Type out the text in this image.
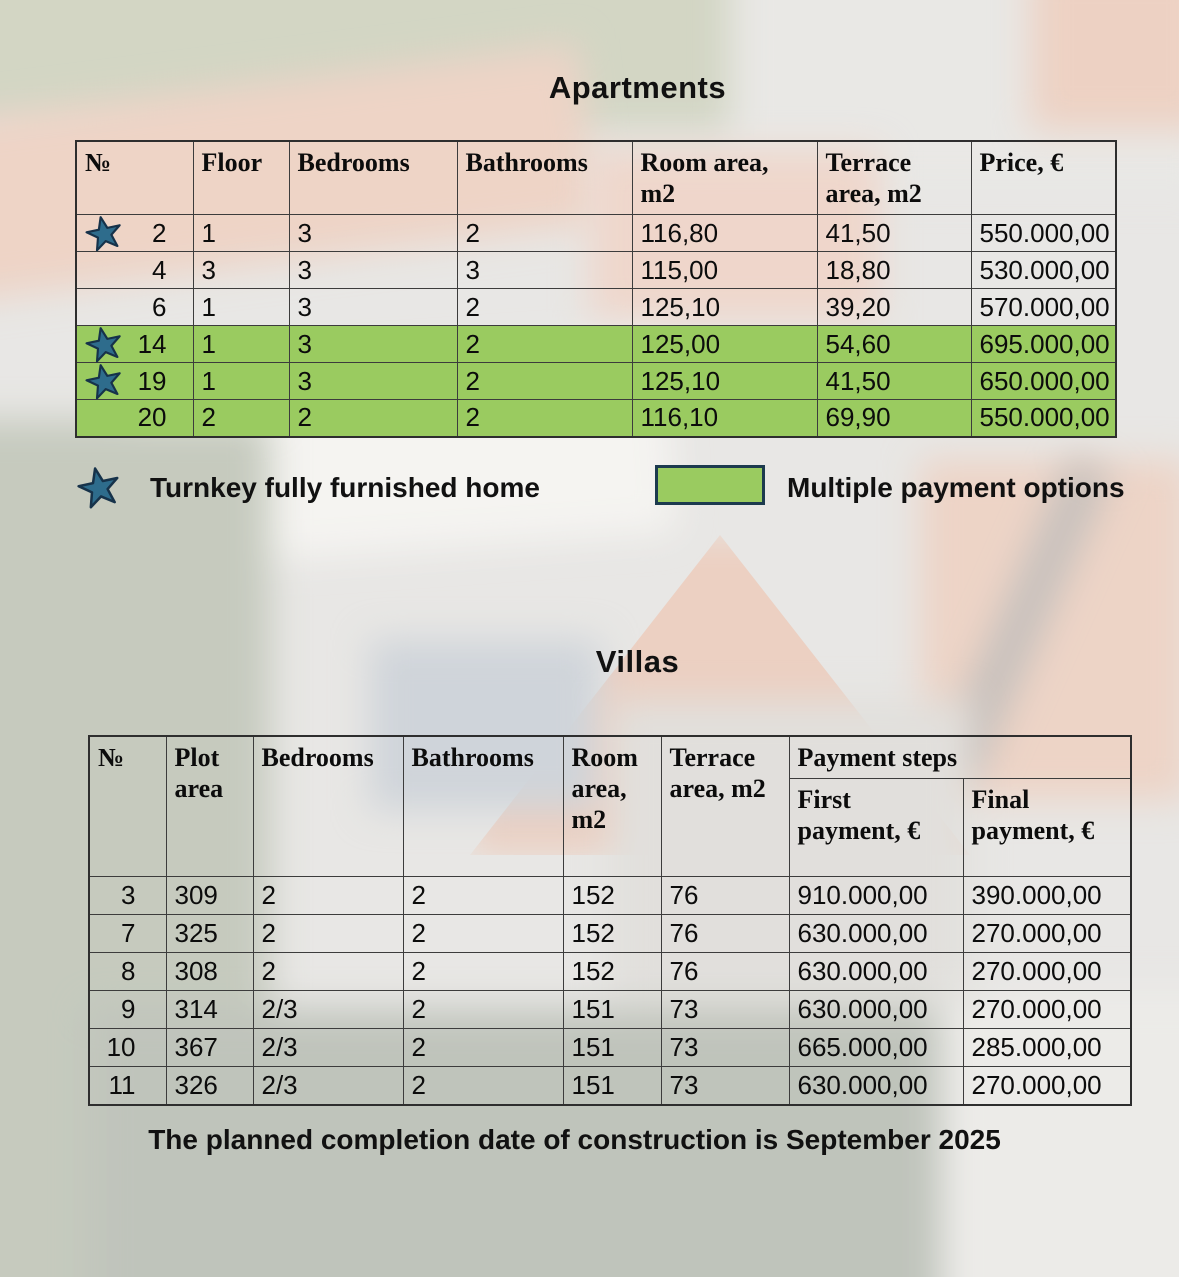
Apartments
№	Floor	Bedrooms	Bathrooms	Room area, m2	Terrace area, m2	Price, €

2	1	3	2	116,80	41,50	550.000,00
4	3	3	3	115,00	18,80	530.000,00
6	1	3	2	125,10	39,20	570.000,00

14	1	3	2	125,00	54,60	695.000,00

19	1	3	2	125,10	41,50	650.000,00
20	2	2	2	116,10	69,90	550.000,00
Turnkey fully furnished home	Multiple payment options
Villas
№	Plot area	Bedrooms	Bathrooms	Room area, m2	Terrace area, m2	Payment steps	
						First payment, €	Final payment, €
3	309	2	2	152	76	910.000,00	390.000,00
7	325	2	2	152	76	630.000,00	270.000,00
8	308	2	2	152	76	630.000,00	270.000,00
9	314	2/3	2	151	73	630.000,00	270.000,00
10	367	2/3	2	151	73	665.000,00	285.000,00
11	326	2/3	2	151	73	630.000,00	270.000,00
The planned completion date of construction is September 2025
